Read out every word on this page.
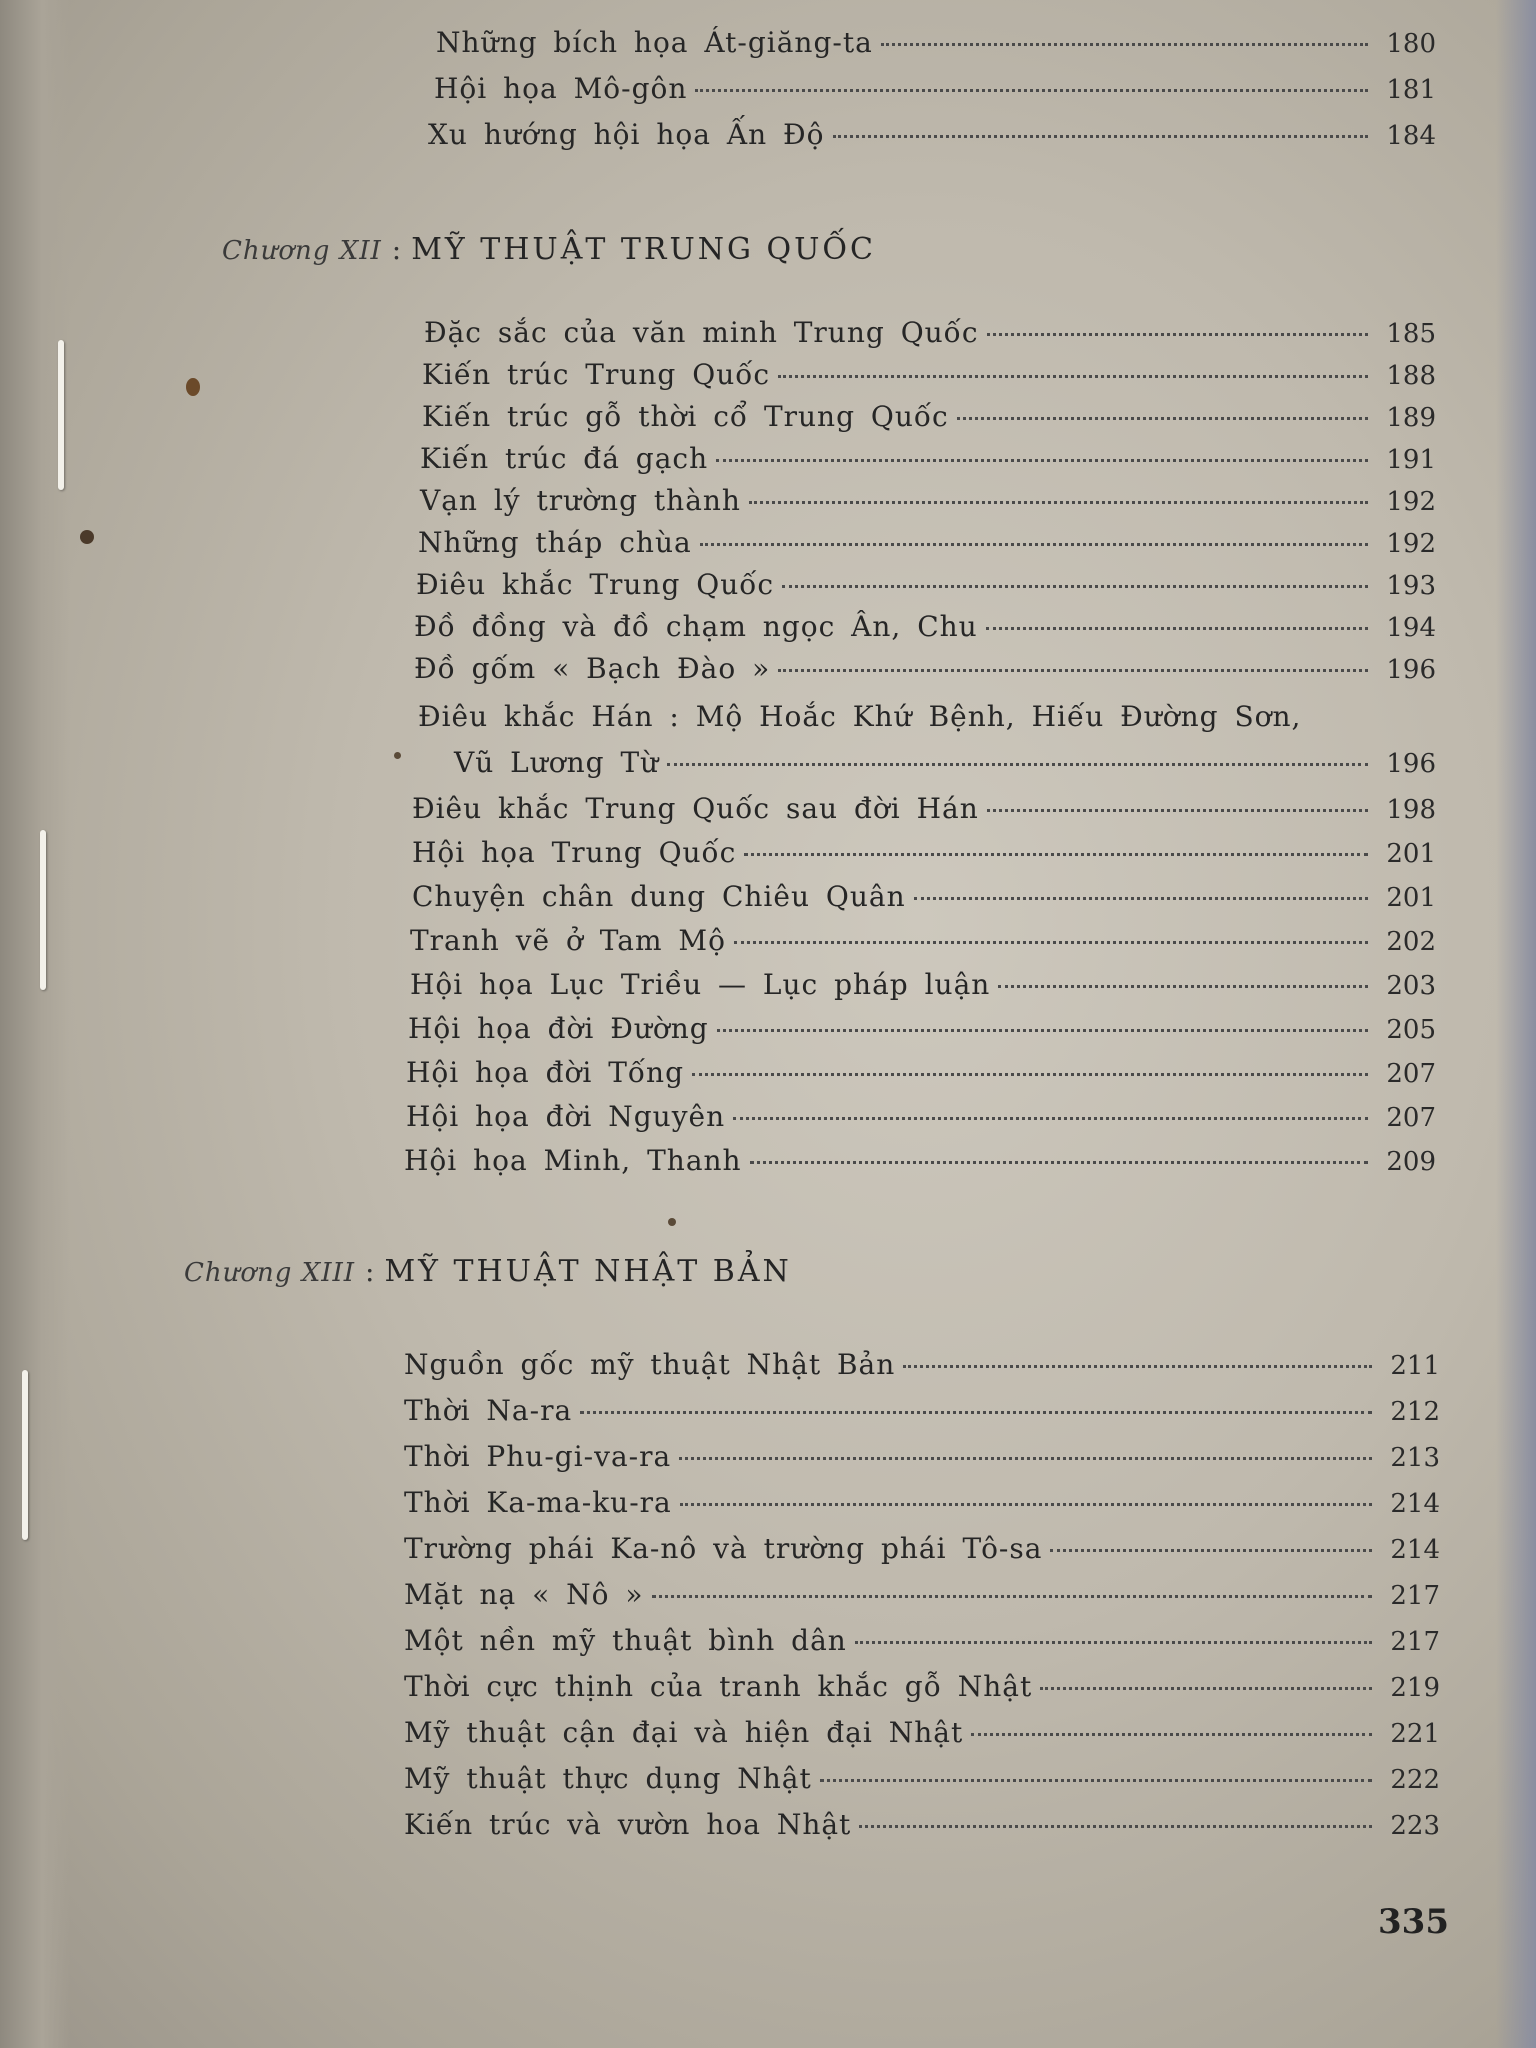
Những bích họa Át-giăng-ta	180
Hội họa Mô-gôn	181
Xu hướng hội họa Ấn Độ	184
Chương XII : MỸ THUẬT TRUNG QUỐC
Đặc sắc của văn minh Trung Quốc	185
Kiến trúc Trung Quốc	188
Kiến trúc gỗ thời cổ Trung Quốc	189
Kiến trúc đá gạch	191
Vạn lý trường thành	192
Những tháp chùa	192
Điêu khắc Trung Quốc	193
Đồ đồng và đồ chạm ngọc Ân, Chu	194
Đồ gốm « Bạch Đào »	196
Điêu khắc Hán : Mộ Hoắc Khứ Bệnh, Hiếu Đường Sơn,
Vũ Lương Từ	196
Điêu khắc Trung Quốc sau đời Hán	198
Hội họa Trung Quốc	201
Chuyện chân dung Chiêu Quân	201
Tranh vẽ ở Tam Mộ	202
Hội họa Lục Triều — Lục pháp luận	203
Hội họa đời Đường	205
Hội họa đời Tống	207
Hội họa đời Nguyên	207
Hội họa Minh, Thanh	209
Chương XIII : MỸ THUẬT NHẬT BẢN
Nguồn gốc mỹ thuật Nhật Bản	211
Thời Na-ra	212
Thời Phu-gi-va-ra	213
Thời Ka-ma-ku-ra	214
Trường phái Ka-nô và trường phái Tô-sa	214
Mặt nạ « Nô »	217
Một nền mỹ thuật bình dân	217
Thời cực thịnh của tranh khắc gỗ Nhật	219
Mỹ thuật cận đại và hiện đại Nhật	221
Mỹ thuật thực dụng Nhật	222
Kiến trúc và vườn hoa Nhật	223
335
